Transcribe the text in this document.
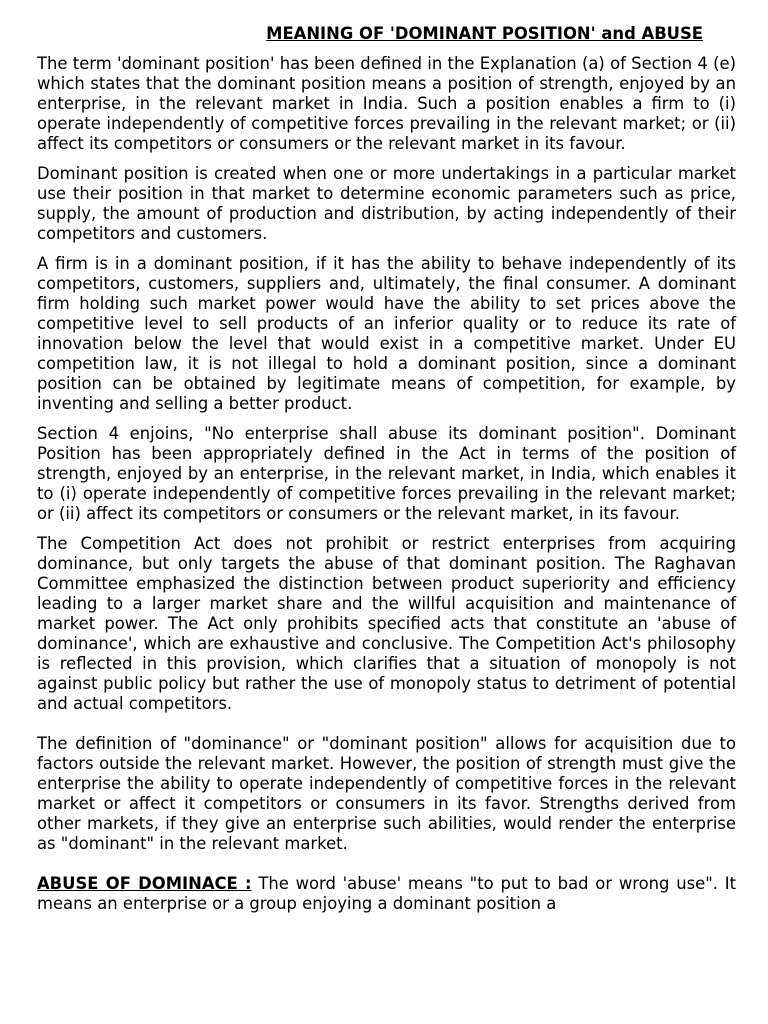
MEANING OF 'DOMINANT POSITION' and ABUSE

The term 'dominant position' has been defined in the Explanation (a) of Section 4 (e) which states that the dominant position means a position of strength, enjoyed by an enterprise, in the relevant market in India. Such a position enables a firm to (i) operate independently of competitive forces prevailing in the relevant market; or (ii) affect its competitors or consumers or the relevant market in its favour.

Dominant position is created when one or more undertakings in a particular market use their position in that market to determine economic parameters such as price, supply, the amount of production and distribution, by acting independently of their competitors and customers.

A firm is in a dominant position, if it has the ability to behave independently of its competitors, customers, suppliers and, ultimately, the final consumer. A dominant firm holding such market power would have the ability to set prices above the competitive level to sell products of an inferior quality or to reduce its rate of innovation below the level that would exist in a competitive market. Under EU competition law, it is not illegal to hold a dominant position, since a dominant position can be obtained by legitimate means of competition, for example, by inventing and selling a better product.

Section 4 enjoins, "No enterprise shall abuse its dominant position". Dominant Position has been appropriately defined in the Act in terms of the position of strength, enjoyed by an enterprise, in the relevant market, in India, which enables it to (i) operate independently of competitive forces prevailing in the relevant market; or (ii) affect its competitors or consumers or the relevant market, in its favour.

The Competition Act does not prohibit or restrict enterprises from acquiring dominance, but only targets the abuse of that dominant position. The Raghavan Committee emphasized the distinction between product superiority and efficiency leading to a larger market share and the willful acquisition and maintenance of market power. The Act only prohibits specified acts that constitute an 'abuse of dominance', which are exhaustive and conclusive. The Competition Act's philosophy is reflected in this provision, which clarifies that a situation of monopoly is not against public policy but rather the use of monopoly status to detriment of potential and actual competitors.

The definition of "dominance" or "dominant position" allows for acquisition due to factors outside the relevant market. However, the position of strength must give the enterprise the ability to operate independently of competitive forces in the relevant market or affect it competitors or consumers in its favor. Strengths derived from other markets, if they give an enterprise such abilities, would render the enterprise as "dominant" in the relevant market.

ABUSE OF DOMINACE : The word 'abuse' means "to put to bad or wrong use". It means an enterprise or a group enjoying a dominant position a
